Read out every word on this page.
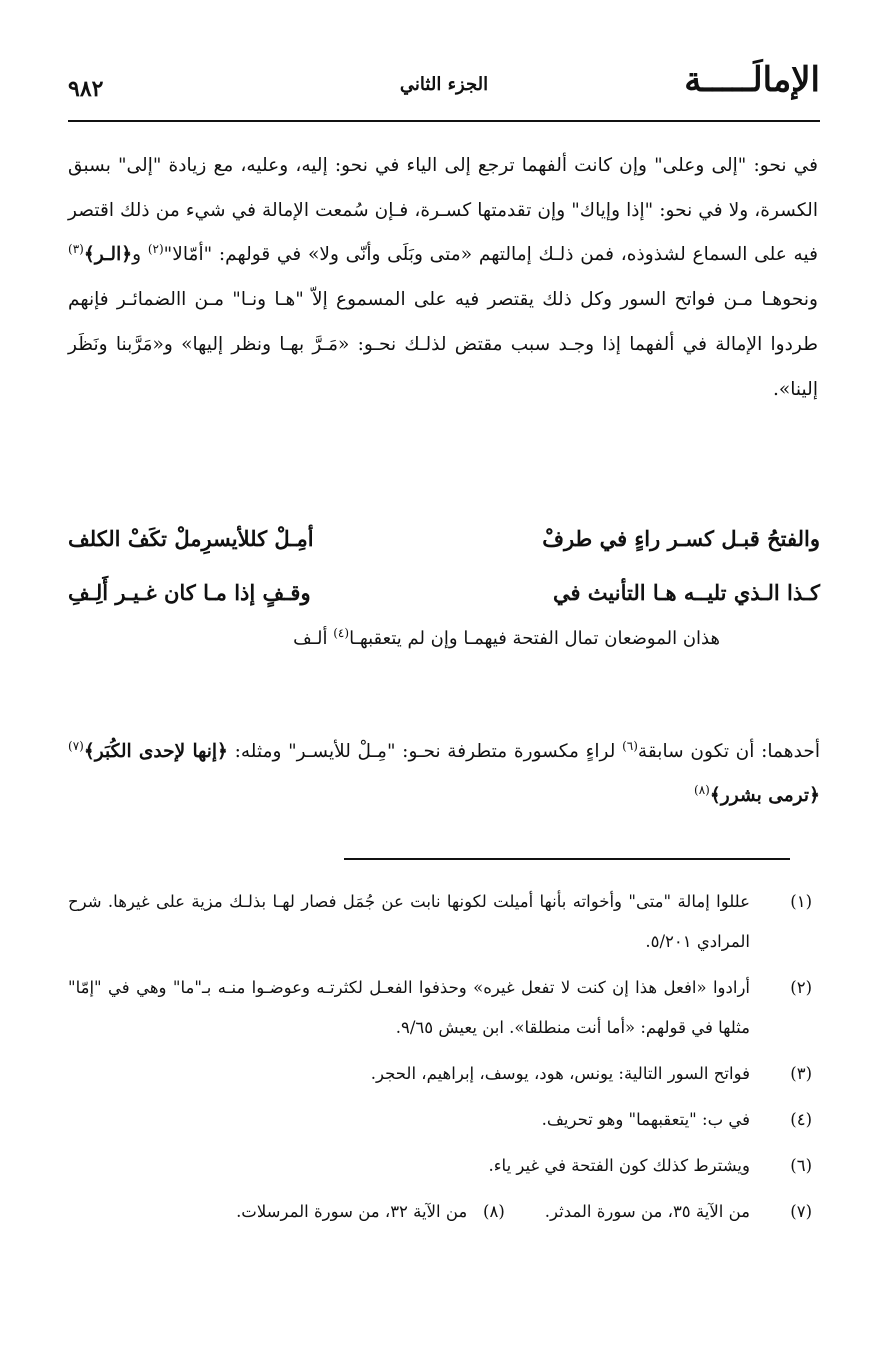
الإمالَـــــة
الجزء الثاني
٩٨٢
في نحو: "إلى وعلى" وإن كانت ألفهما ترجع إلى الياء في نحو: إليه، وعليه، مع زيادة "إلى" بسبق الكسرة، ولا في نحو: "إذا وإياك" وإن تقدمتها كسـرة، فـإن سُمعت الإمالة في شيء من ذلك اقتصر فيه على السماع لشذوذه، فمن ذلـك إمالتهم «متى وبَلَى وأنّى ولا» في قولهم: "أمّالا"$^{(٢)}$ و﴿الـر﴾$^{(٣)}$ ونحوهـا مـن فواتح السور وكل ذلك يقتصر فيه على المسموع إلاّ "هـا ونـا" مـن االضمائـر فإنهم طردوا الإمالة في ألفهما إذا وجـد سبب مقتض لذلـك نحـو: «مَـرَّ بهـا ونظر إليها» و«مَرَّبنا ونَظَر إلينا».
والفتحُ قبـل كسـر راءٍ في طرفْ
أمِـلْ كللأيسرِملْ تكَفْ الكلف
كـذا الـذي تليــه هـا التأنيث في
وقـفٍ إذا مـا كان غـيـر أَلِـفِ
هذان الموضعان تمال الفتحة فيهمـا وإن لم يتعقبهـا$^{(٤)}$ ألـف
أحدهما: أن تكون سابقة$^{(٦)}$ لراءٍ مكسورة متطرفة نحـو: "مِـلْ للأيسـر" ومثله: ﴿إنها لإحدى الكُبَر﴾$^{(٧)}$ ﴿ترمى بشرر﴾$^{(٨)}$
(١)
عللوا إمالة "متى" وأخواته بأنها أميلت لكونها نابت عن جُمَل فصار لهـا بذلـك مزية على غيرها. شرح المرادي ٥/٢٠١.
(٢)
أرادوا «افعل هذا إن كنت لا تفعل غيره» وحذفوا الفعـل لكثرتـه وعوضـوا منـه بـ"ما" وهي في "إمّا" مثلها في قولهم: «أما أنت منطلقا». ابن يعيش ٩/٦٥.
(٣)
فواتح السور التالية: يونس، هود، يوسف، إبراهيم، الحجر.
(٤)
في ب: "يتعقبهما" وهو تحريف.
(٦)
ويشترط كذلك كون الفتحة في غير ياء.
(٧)
من الآية ٣٥، من سورة المدثر.(٨)   من الآية ٣٢، من سورة المرسلات.
